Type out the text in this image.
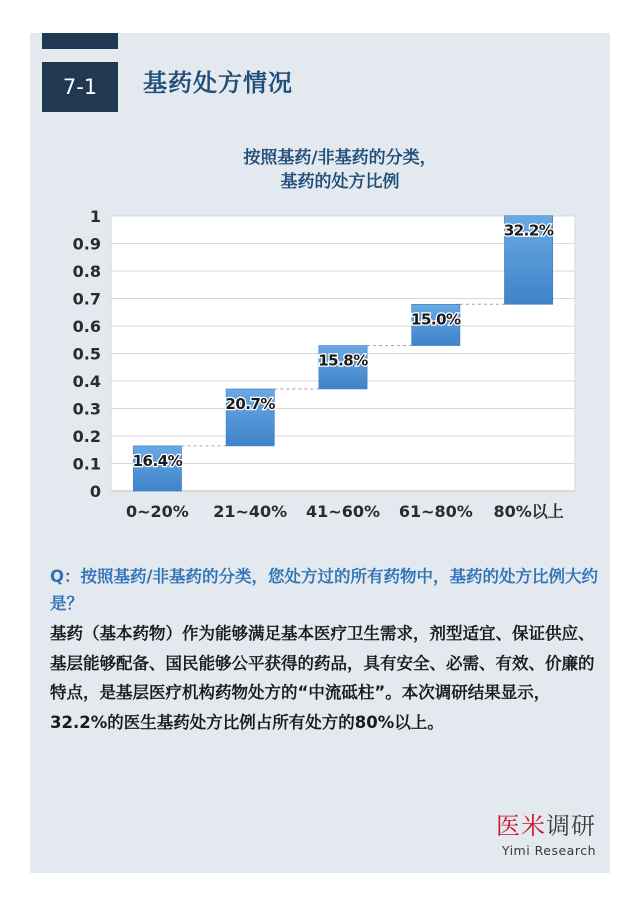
7-1	基药处方情况
按照基药/非基药的分类，
基药的处方比例
0
0.1
0.2
0.3
0.4
0.5
0.6
0.7
0.8
0.9
1
0~20% 21~40% 41~60% 61~80% 80%以上
16.4%
20.7%
15.8%
15.0%
32.2%
Q：按照基药/非基药的分类，您处方过的所有药物中，基药的处方比例大约是？
基药（基本药物）作为能够满足基本医疗卫生需求，剂型适宜、保证供应、基层能够配备、国民能够公平获得的药品，具有安全、必需、有效、价廉的特点，是基层医疗机构药物处方的“中流砥柱”。本次调研结果显示，32.2%的医生基药处方比例占所有处方的80%以上。
医米调研
Yimi Research
